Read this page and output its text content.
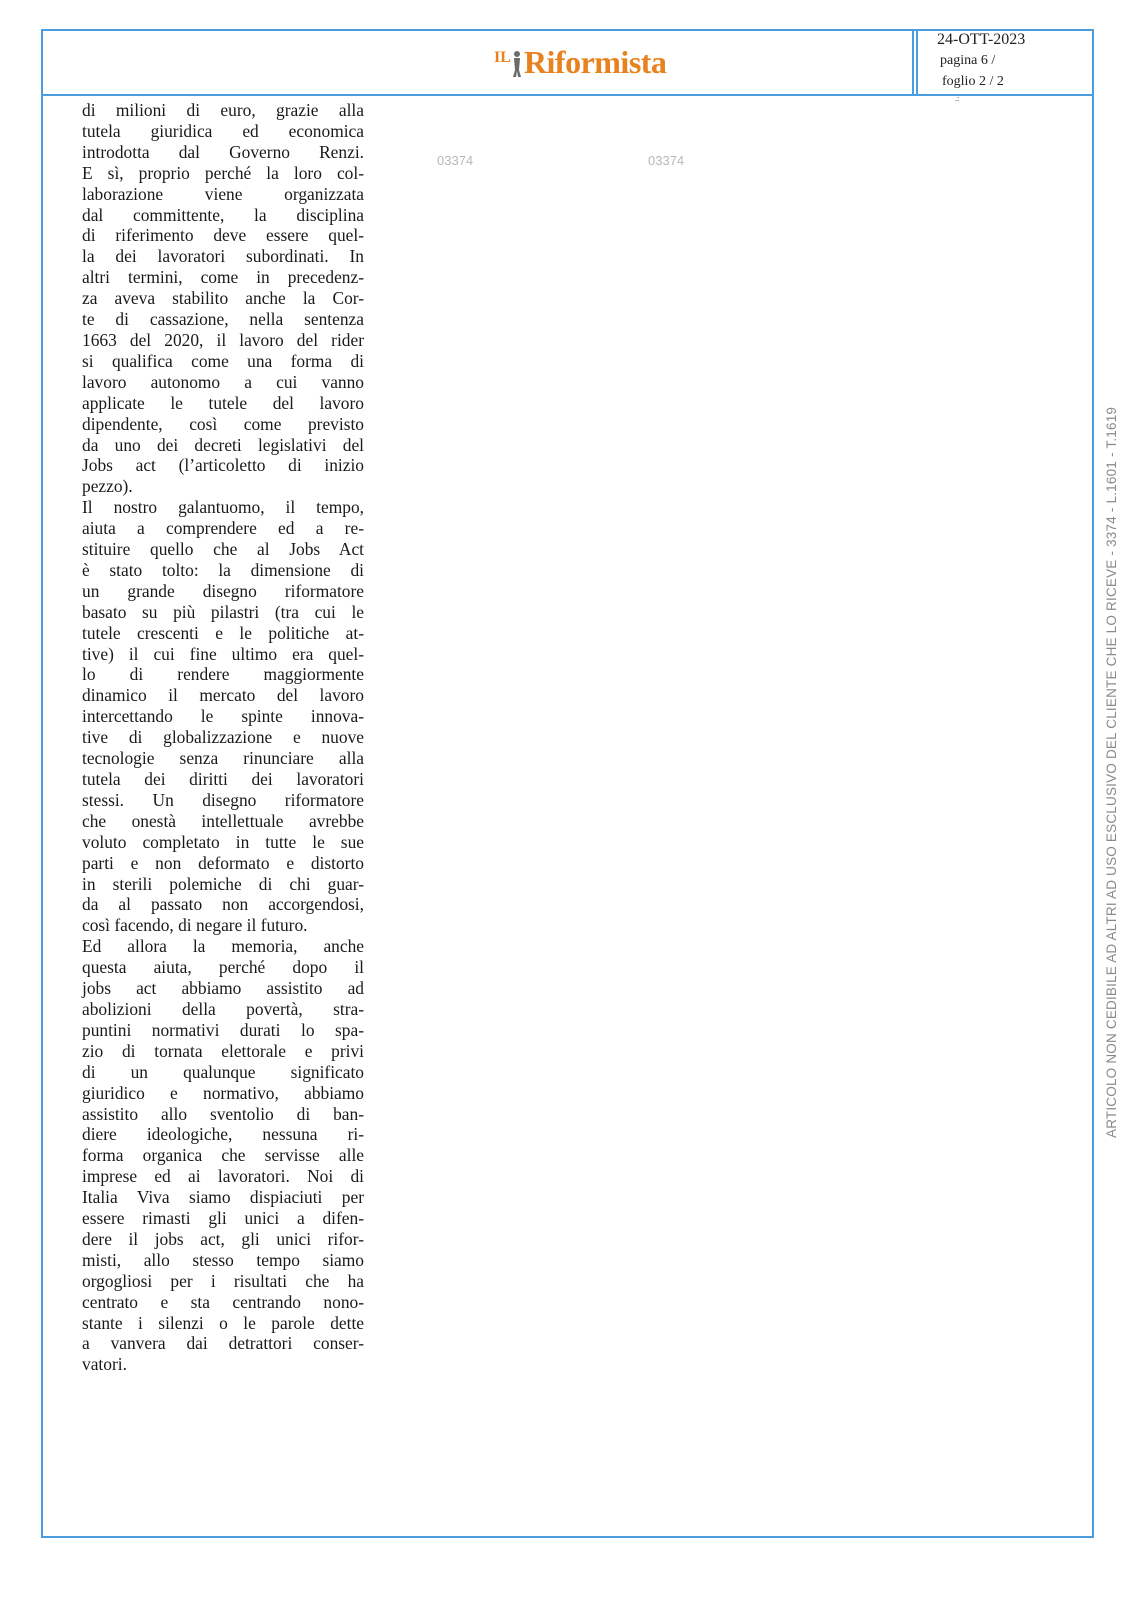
IL Riformista
24-OTT-2023
pagina 6 /
foglio 2 / 2
.:
03374	03374
di milioni di euro, grazie alla
tutela giuridica ed economica
introdotta dal Governo Renzi.
E sì, proprio perché la loro col-
laborazione viene organizzata
dal committente, la disciplina
di riferimento deve essere quel-
la dei lavoratori subordinati. In
altri termini, come in precedenz-
za aveva stabilito anche la Cor-
te di cassazione, nella sentenza
1663 del 2020, il lavoro del rider
si qualifica come una forma di
lavoro autonomo a cui vanno
applicate le tutele del lavoro
dipendente, così come previsto
da uno dei decreti legislativi del
Jobs act (l’articoletto di inizio
pezzo).
Il nostro galantuomo, il tempo,
aiuta a comprendere ed a re-
stituire quello che al Jobs Act
è stato tolto: la dimensione di
un grande disegno riformatore
basato su più pilastri (tra cui le
tutele crescenti e le politiche at-
tive) il cui fine ultimo era quel-
lo di rendere maggiormente
dinamico il mercato del lavoro
intercettando le spinte innova-
tive di globalizzazione e nuove
tecnologie senza rinunciare alla
tutela dei diritti dei lavoratori
stessi. Un disegno riformatore
che onestà intellettuale avrebbe
voluto completato in tutte le sue
parti e non deformato e distorto
in sterili polemiche di chi guar-
da al passato non accorgendosi,
così facendo, di negare il futuro.
Ed allora la memoria, anche
questa aiuta, perché dopo il
jobs act abbiamo assistito ad
abolizioni della povertà, stra-
puntini normativi durati lo spa-
zio di tornata elettorale e privi
di un qualunque significato
giuridico e normativo, abbiamo
assistito allo sventolio di ban-
diere ideologiche, nessuna ri-
forma organica che servisse alle
imprese ed ai lavoratori. Noi di
Italia Viva siamo dispiaciuti per
essere rimasti gli unici a difen-
dere il jobs act, gli unici rifor-
misti, allo stesso tempo siamo
orgogliosi per i risultati che ha
centrato e sta centrando nono-
stante i silenzi o le parole dette
a vanvera dai detrattori conser-
vatori.
ARTICOLO NON CEDIBILE AD ALTRI AD USO ESCLUSIVO DEL CLIENTE CHE LO RICEVE - 3374 - L.1601 - T.1619
